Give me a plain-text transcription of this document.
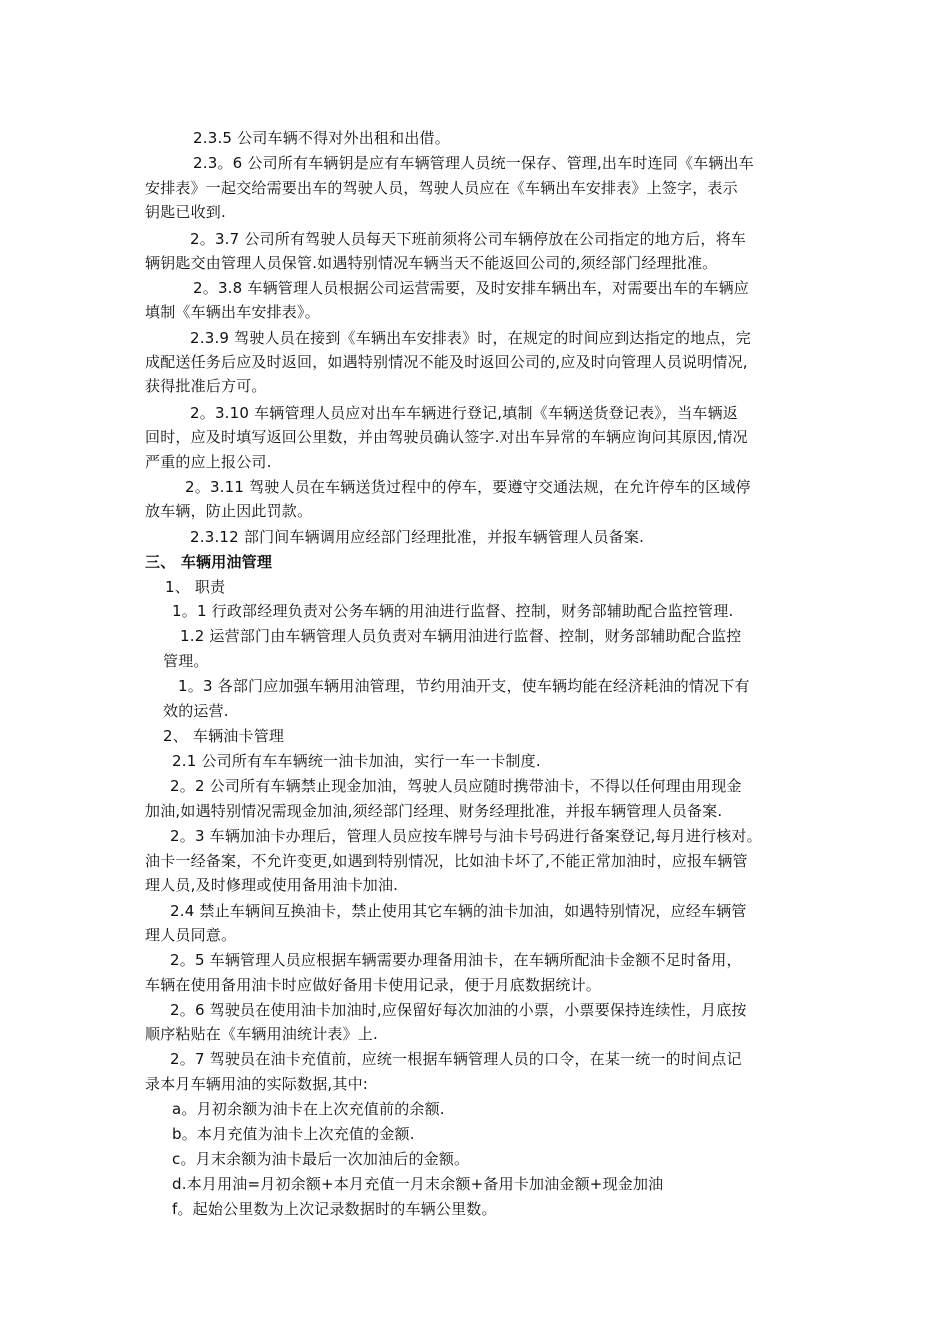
2.3.5 公司车辆不得对外出租和出借。
2.3。6 公司所有车辆钥是应有车辆管理人员统一保存、管理,出车时连同《车辆出车
安排表》一起交给需要出车的驾驶人员，驾驶人员应在《车辆出车安排表》上签字，表示
钥匙已收到.
2。3.7 公司所有驾驶人员每天下班前须将公司车辆停放在公司指定的地方后，将车
辆钥匙交由管理人员保管.如遇特别情况车辆当天不能返回公司的,须经部门经理批准。
2。3.8 车辆管理人员根据公司运营需要，及时安排车辆出车，对需要出车的车辆应
填制《车辆出车安排表》。
2.3.9 驾驶人员在接到《车辆出车安排表》时，在规定的时间应到达指定的地点，完
成配送任务后应及时返回，如遇特别情况不能及时返回公司的,应及时向管理人员说明情况,
获得批准后方可。
2。3.10 车辆管理人员应对出车车辆进行登记,填制《车辆送货登记表》，当车辆返
回时，应及时填写返回公里数，并由驾驶员确认签字.对出车异常的车辆应询问其原因,情况
严重的应上报公司.
2。3.11 驾驶人员在车辆送货过程中的停车，要遵守交通法规，在允许停车的区域停
放车辆，防止因此罚款。
2.3.12 部门间车辆调用应经部门经理批准，并报车辆管理人员备案.
三、 车辆用油管理
1、 职责
1。1 行政部经理负责对公务车辆的用油进行监督、控制，财务部辅助配合监控管理.
1.2 运营部门由车辆管理人员负责对车辆用油进行监督、控制，财务部辅助配合监控
管理。
1。3 各部门应加强车辆用油管理，节约用油开支，使车辆均能在经济耗油的情况下有
效的运营.
2、 车辆油卡管理
2.1 公司所有车车辆统一油卡加油，实行一车一卡制度.
2。2 公司所有车辆禁止现金加油，驾驶人员应随时携带油卡，不得以任何理由用现金
加油,如遇特别情况需现金加油,须经部门经理、财务经理批准，并报车辆管理人员备案.
2。3 车辆加油卡办理后，管理人员应按车牌号与油卡号码进行备案登记,每月进行核对。
油卡一经备案，不允许变更,如遇到特别情况，比如油卡坏了,不能正常加油时，应报车辆管
理人员,及时修理或使用备用油卡加油.
2.4 禁止车辆间互换油卡，禁止使用其它车辆的油卡加油，如遇特别情况，应经车辆管
理人员同意。
2。5 车辆管理人员应根据车辆需要办理备用油卡，在车辆所配油卡金额不足时备用，
车辆在使用备用油卡时应做好备用卡使用记录，便于月底数据统计。
2。6 驾驶员在使用油卡加油时,应保留好每次加油的小票，小票要保持连续性，月底按
顺序粘贴在《车辆用油统计表》上.
2。7 驾驶员在油卡充值前，应统一根据车辆管理人员的口令，在某一统一的时间点记
录本月车辆用油的实际数据,其中:
a。月初余额为油卡在上次充值前的余额.
b。本月充值为油卡上次充值的金额.
c。月末余额为油卡最后一次加油后的金额。
d.本月用油=月初余额+本月充值一月末余额+备用卡加油金额+现金加油
f。起始公里数为上次记录数据时的车辆公里数。
